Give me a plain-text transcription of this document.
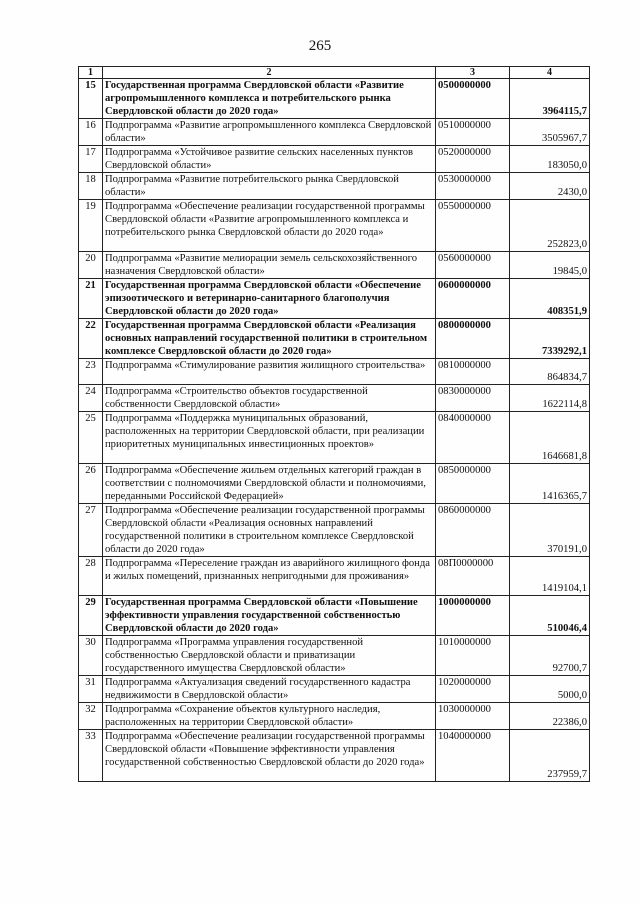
265
1	2	3	4
15	Государственная программа Свердловской области «Развитие агропромышленного комплекса и потребительского рынка Свердловской области до 2020 года»	0500000000	3964115,7
16	Подпрограмма «Развитие агропромышленного комплекса Свердловской области»	0510000000	3505967,7
17	Подпрограмма «Устойчивое развитие сельских населенных пунктов Свердловской области»	0520000000	183050,0
18	Подпрограмма «Развитие потребительского рынка Свердловской области»	0530000000	2430,0
19	Подпрограмма «Обеспечение реализации государственной программы Свердловской области «Развитие агропромышленного комплекса и потребительского рынка Свердловской области до 2020 года»	0550000000	252823,0
20	Подпрограмма «Развитие мелиорации земель сельскохозяйственного назначения Свердловской области»	0560000000	19845,0
21	Государственная программа Свердловской области «Обеспечение эпизоотического и ветеринарно-санитарного благополучия Свердловской области до 2020 года»	0600000000	408351,9
22	Государственная программа Свердловской области «Реализация основных направлений государственной политики в строительном комплексе Свердловской области до 2020 года»	0800000000	7339292,1
23	Подпрограмма «Стимулирование развития жилищного строительства»	0810000000	864834,7
24	Подпрограмма «Строительство объектов государственной собственности Свердловской области»	0830000000	1622114,8
25	Подпрограмма «Поддержка муниципальных образований, расположенных на территории Свердловской области, при реализации приоритетных муниципальных инвестиционных проектов»	0840000000	1646681,8
26	Подпрограмма «Обеспечение жильем отдельных категорий граждан в соответствии с полномочиями Свердловской области и полномочиями, переданными Российской Федерацией»	0850000000	1416365,7
27	Подпрограмма «Обеспечение реализации государственной программы Свердловской области «Реализация основных направлений государственной политики в строительном комплексе Свердловской области до 2020 года»	0860000000	370191,0
28	Подпрограмма «Переселение граждан из аварийного жилищного фонда и жилых помещений, признанных непригодными для проживания»	08П0000000	1419104,1
29	Государственная программа Свердловской области «Повышение эффективности управления государственной собственностью Свердловской области до 2020 года»	1000000000	510046,4
30	Подпрограмма «Программа управления государственной собственностью Свердловской области и приватизации государственного имущества Свердловской области»	1010000000	92700,7
31	Подпрограмма «Актуализация сведений государственного кадастра недвижимости в Свердловской области»	1020000000	5000,0
32	Подпрограмма «Сохранение объектов культурного наследия, расположенных на территории Свердловской области»	1030000000	22386,0
33	Подпрограмма «Обеспечение реализации государственной программы Свердловской области «Повышение эффективности управления государственной собственностью Свердловской области до 2020 года»	1040000000	237959,7
